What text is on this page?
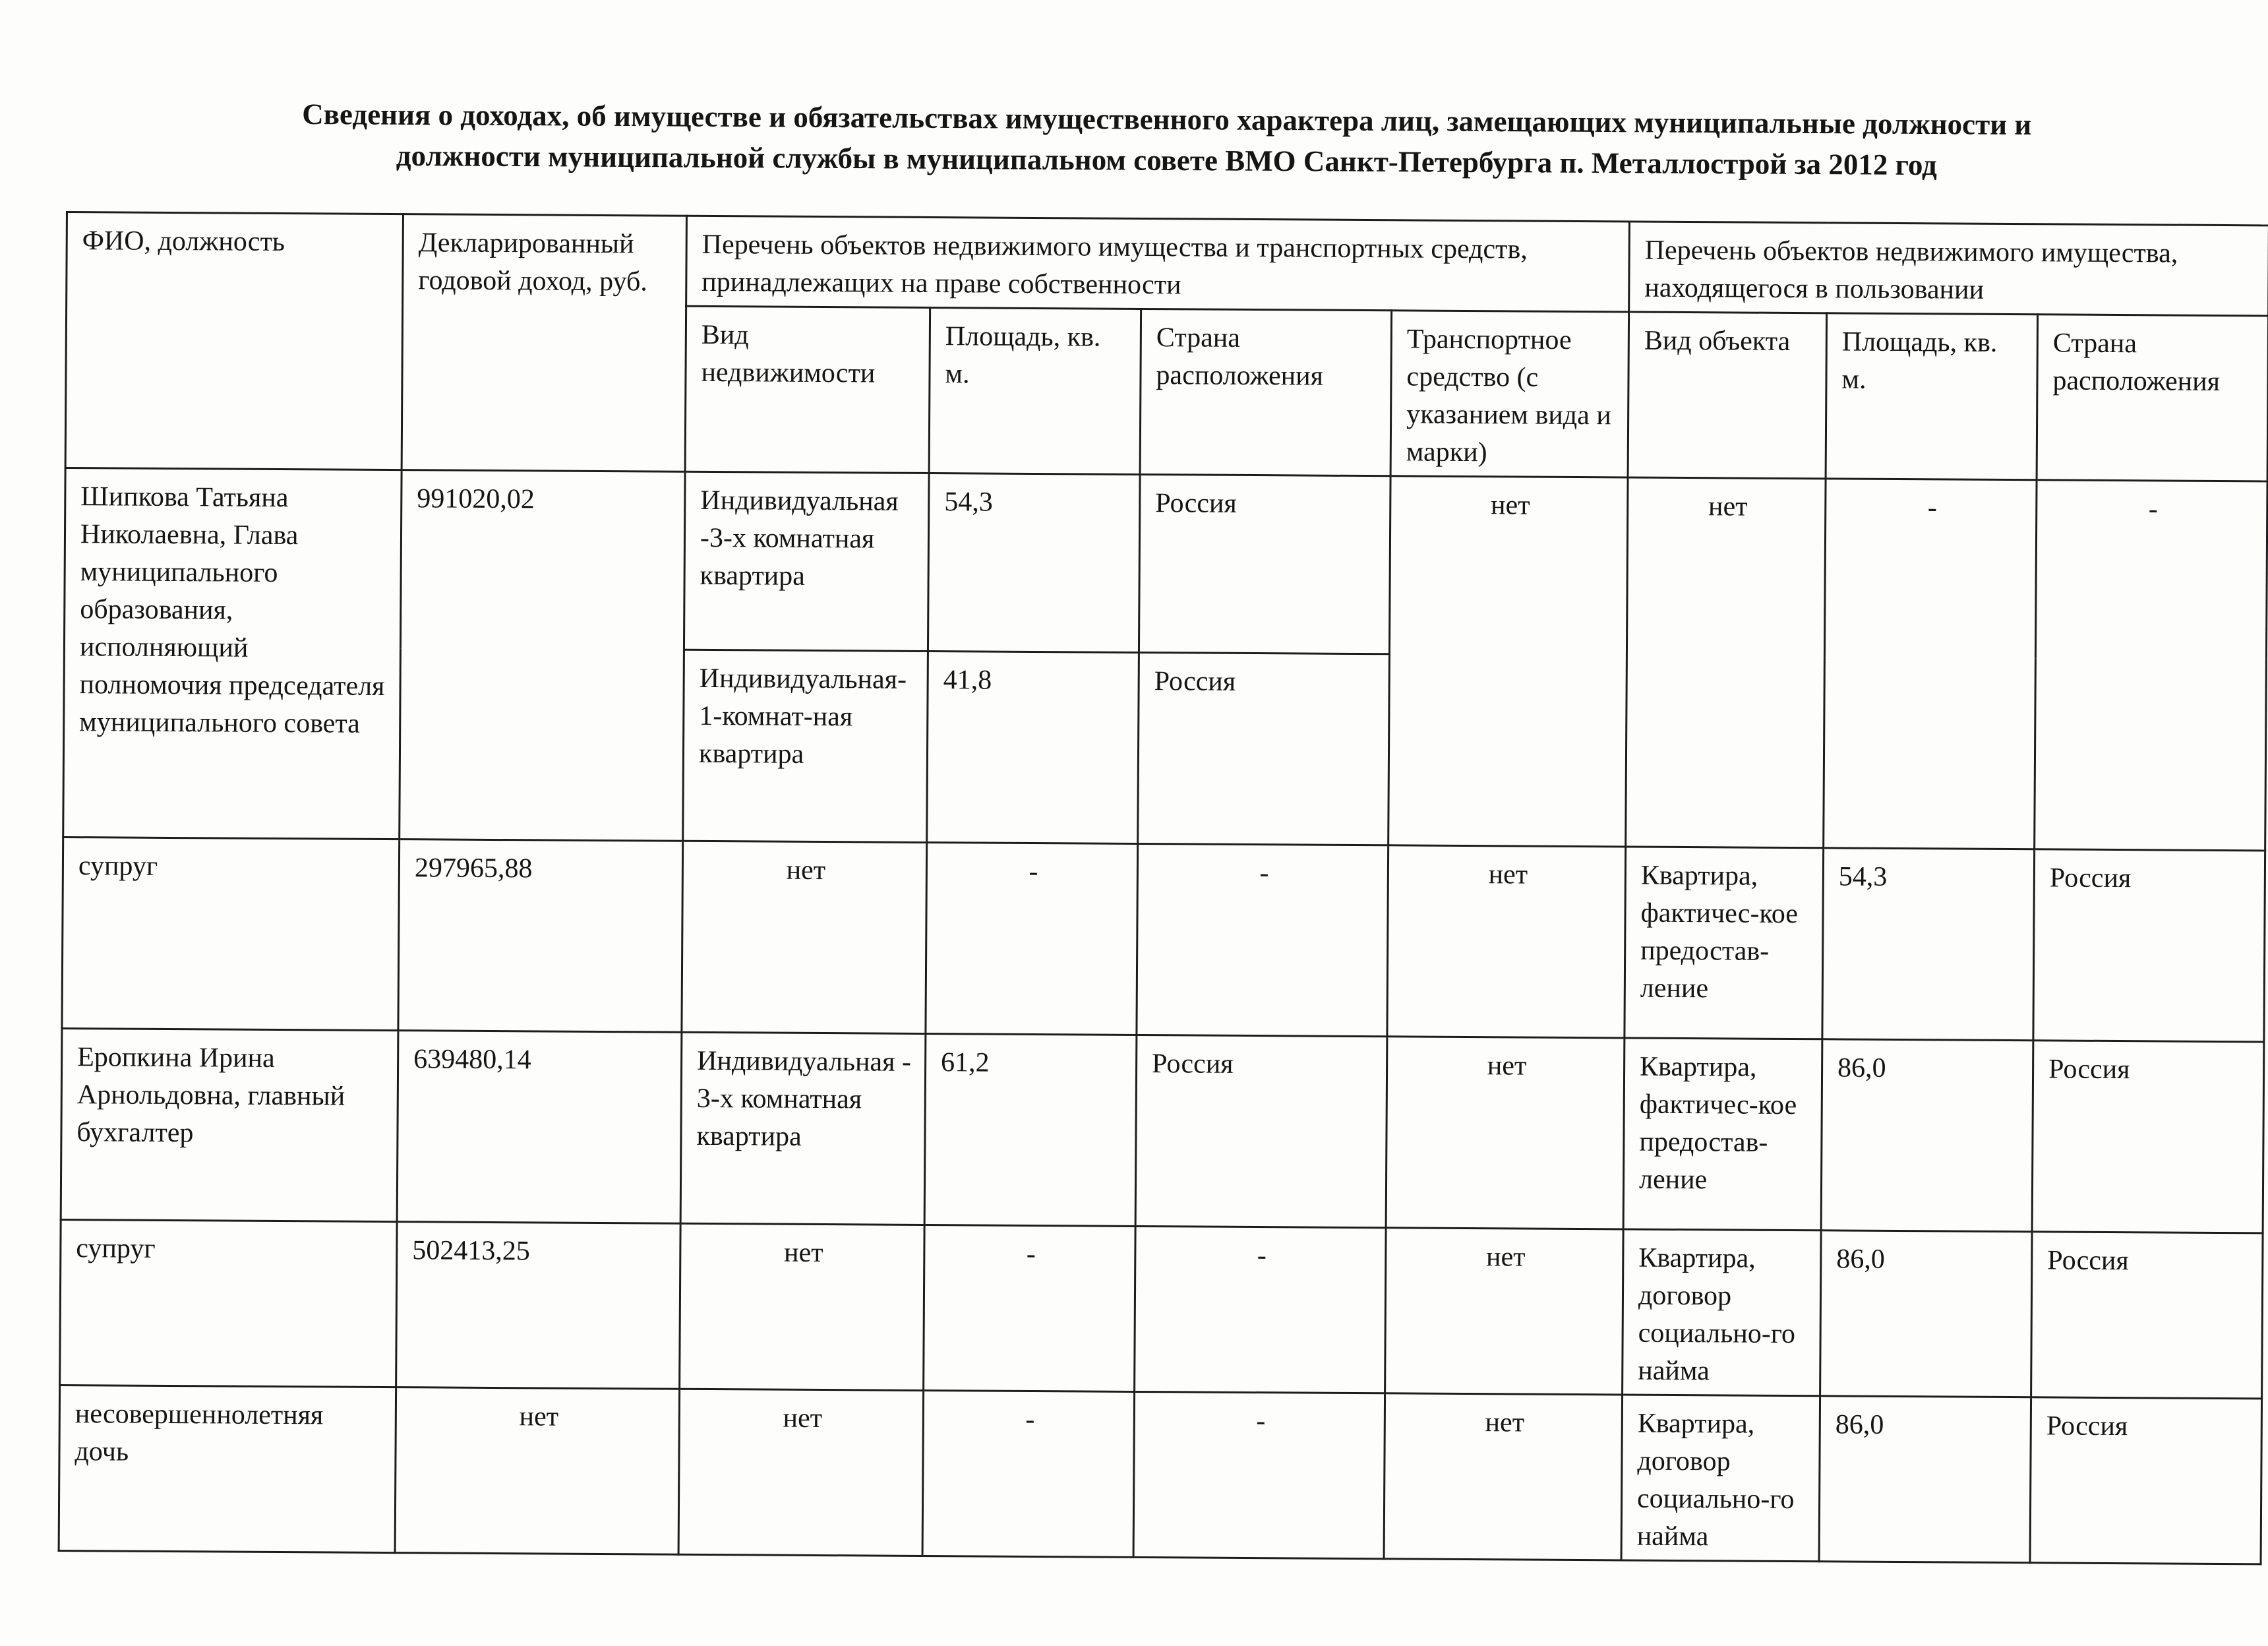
Сведения о доходах, об имуществе и обязательствах имущественного характера лиц, замещающих муниципальные должности и
должности муниципальной службы в муниципальном совете ВМО Санкт-Петербурга п. Металлострой за 2012 год
ФИО, должность	Декларированный годовой доход, руб.	Перечень объектов недвижимого имущества и транспортных средств, принадлежащих на праве собственности				Перечень объектов недвижимого имущества, находящегося в пользовании		
		Вид недвижимости	Площадь, кв. м.	Страна расположения	Транспортное средство (с указанием вида и марки)	Вид объекта	Площадь, кв. м.	Страна расположения
Шипкова Татьяна Николаевна, Глава муниципального образования, исполняющий полномочия председателя муниципального совета	991020,02	Индивидуальная -3-х комнатная квартира	54,3	Россия	нет	нет	-	-
		Индивидуальная- 1-комнат-ная квартира	41,8	Россия				
супруг	297965,88	нет	-	-	нет	Квартира, фактичес-кое предостав-ление	54,3	Россия
Еропкина Ирина Арнольдовна, главный бухгалтер	639480,14	Индивидуальная - 3-х комнатная квартира	61,2	Россия	нет	Квартира, фактичес-кое предостав-ление	86,0	Россия
супруг	502413,25	нет	-	-	нет	Квартира, договор социально-го найма	86,0	Россия
несовершеннолетняя дочь	нет	нет	-	-	нет	Квартира, договор социально-го найма	86,0	Россия
